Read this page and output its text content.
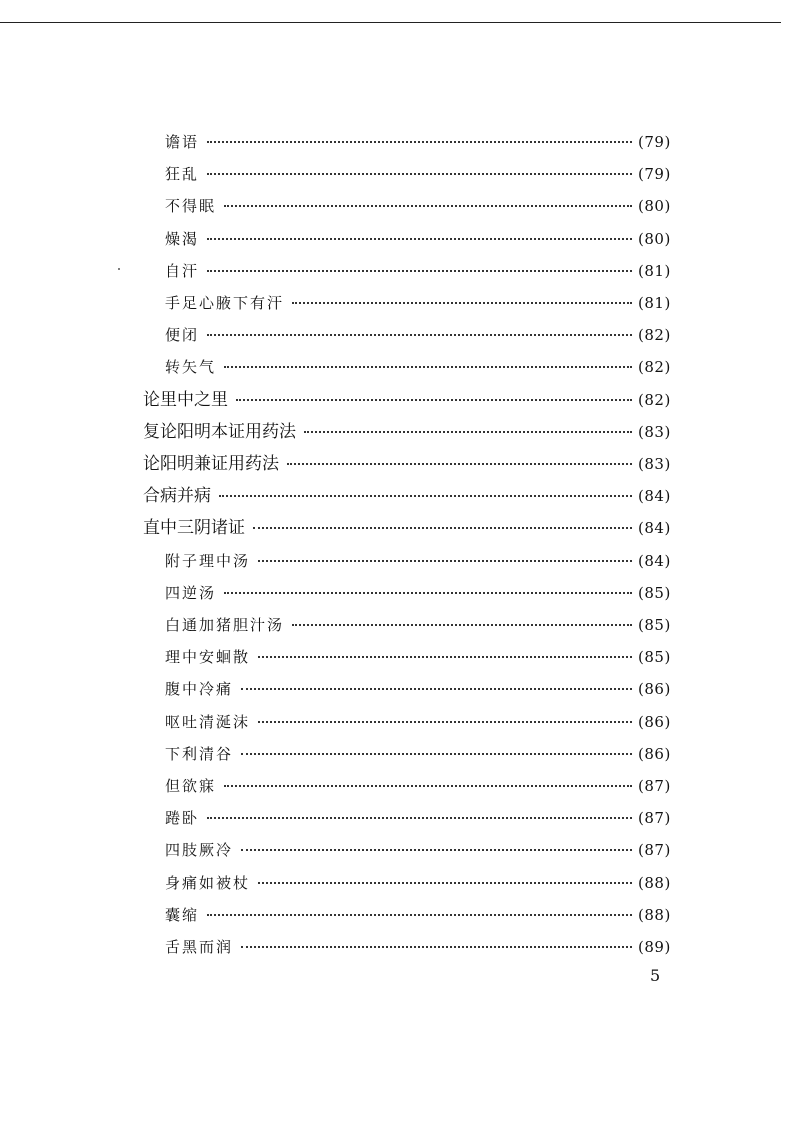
谵语	(79)
狂乱	(79)
不得眠	(80)
燥渴	(80)
自汗	(81)
手足心腋下有汗	(81)
便闭	(82)
转矢气	(82)
论里中之里	(82)
复论阳明本证用药法	(83)
论阳明兼证用药法	(83)
合病并病	(84)
直中三阴诸证	(84)
附子理中汤	(84)
四逆汤	(85)
白通加猪胆汁汤	(85)
理中安蛔散	(85)
腹中冷痛	(86)
呕吐清涎沫	(86)
下利清谷	(86)
但欲寐	(87)
踡卧	(87)
四肢厥冷	(87)
身痛如被杖	(88)
囊缩	(88)
舌黑而润	(89)
5
